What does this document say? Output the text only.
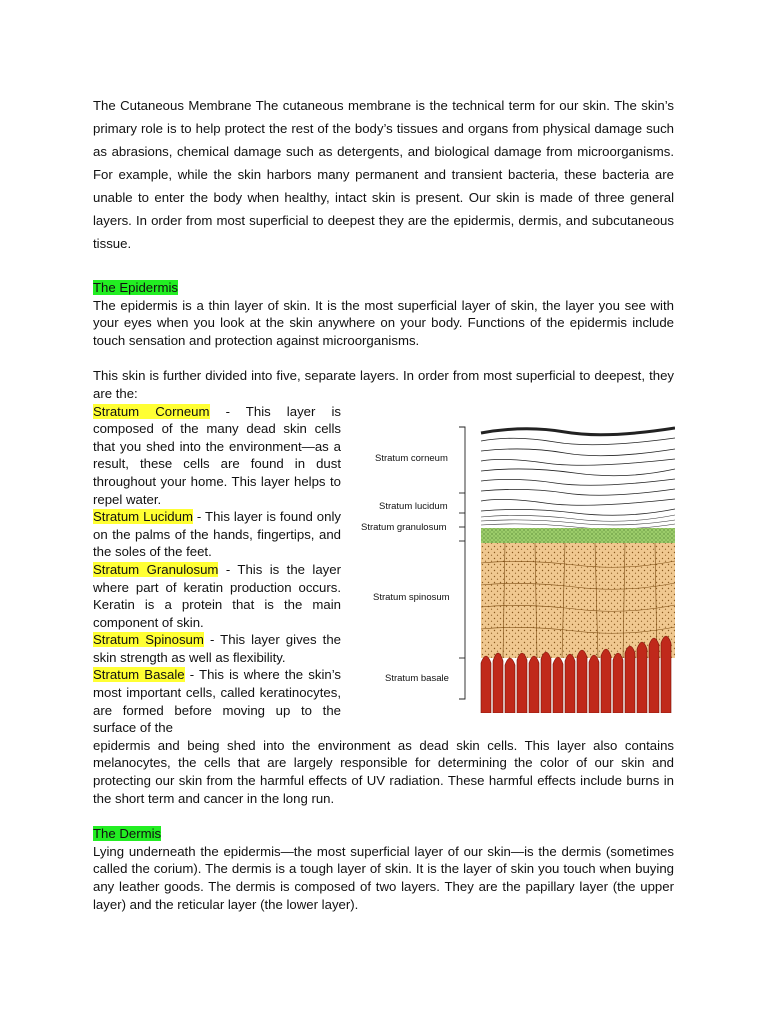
The Cutaneous Membrane The cutaneous membrane is the technical term for our skin. The skin’s primary role is to help protect the rest of the body’s tissues and organs from physical damage such as abrasions, chemical damage such as detergents, and biological damage from microorganisms. For example, while the skin harbors many permanent and transient bacteria, these bacteria are unable to enter the body when healthy, intact skin is present. Our skin is made of three general layers. In order from most superficial to deepest they are the epidermis, dermis, and subcutaneous tissue.

The Epidermis

The epidermis is a thin layer of skin. It is the most superficial layer of skin, the layer you see with your eyes when you look at the skin anywhere on your body. Functions of the epidermis include touch sensation and protection against microorganisms.

This skin is further divided into five, separate layers. In order from most superficial to deepest, they are the:

Stratum Corneum - This layer is composed of the many dead skin cells that you shed into the environment—as a result, these cells are found in dust throughout your home. This layer helps to repel water.

Stratum Lucidum - This layer is found only on the palms of the hands, fingertips, and the soles of the feet.

Stratum Granulosum - This is the layer where part of keratin production occurs. Keratin is a protein that is the main component of skin.

Stratum Spinosum - This layer gives the skin strength as well as flexibility.

Stratum Basale - This is where the skin’s most important cells, called keratinocytes, are formed before moving up to the surface of the

Stratum corneum
Stratum lucidum
Stratum granulosum
Stratum spinosum
Stratum basale

epidermis and being shed into the environment as dead skin cells. This layer also contains melanocytes, the cells that are largely responsible for determining the color of our skin and protecting our skin from the harmful effects of UV radiation. These harmful effects include burns in the short term and cancer in the long run.

The Dermis

Lying underneath the epidermis—the most superficial layer of our skin—is the dermis (sometimes called the corium). The dermis is a tough layer of skin. It is the layer of skin you touch when buying any leather goods. The dermis is composed of two layers. They are the papillary layer (the upper layer) and the reticular layer (the lower layer).
